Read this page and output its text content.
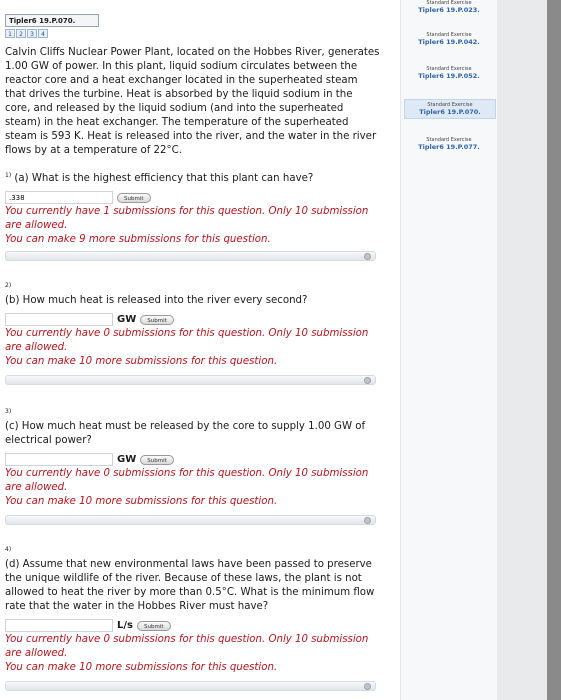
Tipler6 19.P.070.
1	2	3	4

Calvin Cliffs Nuclear Power Plant, located on the Hobbes River, generates 1.00 GW of power. In this plant, liquid sodium circulates between the reactor core and a heat exchanger located in the superheated steam that drives the turbine. Heat is absorbed by the liquid sodium in the core, and released by the liquid sodium (and into the superheated steam) in the heat exchanger. The temperature of the superheated steam is 593 K. Heat is released into the river, and the water in the river flows by at a temperature of 22°C.

$^{1)}$ (a) What is the highest efficiency that this plant can have?

.338
Submit

You currently have 1 submissions for this question. Only 10 submission are allowed.

You can make 9 more submissions for this question.

2)

(b) How much heat is released into the river every second?

GW	Submit

You currently have 0 submissions for this question. Only 10 submission are allowed.

You can make 10 more submissions for this question.

3)

(c) How much heat must be released by the core to supply 1.00 GW of electrical power?

GW	Submit

You currently have 0 submissions for this question. Only 10 submission are allowed.

You can make 10 more submissions for this question.

4)

(d) Assume that new environmental laws have been passed to preserve the unique wildlife of the river. Because of these laws, the plant is not allowed to heat the river by more than 0.5°C. What is the minimum flow rate that the water in the Hobbes River must have?

L/s	Submit

You currently have 0 submissions for this question. Only 10 submission are allowed.

You can make 10 more submissions for this question.

Standard Exercise
Tipler6 19.P.023.
Standard Exercise
Tipler6 19.P.042.
Standard Exercise
Tipler6 19.P.052.
Standard Exercise
Tipler6 19.P.070.
Standard Exercise
Tipler6 19.P.077.
